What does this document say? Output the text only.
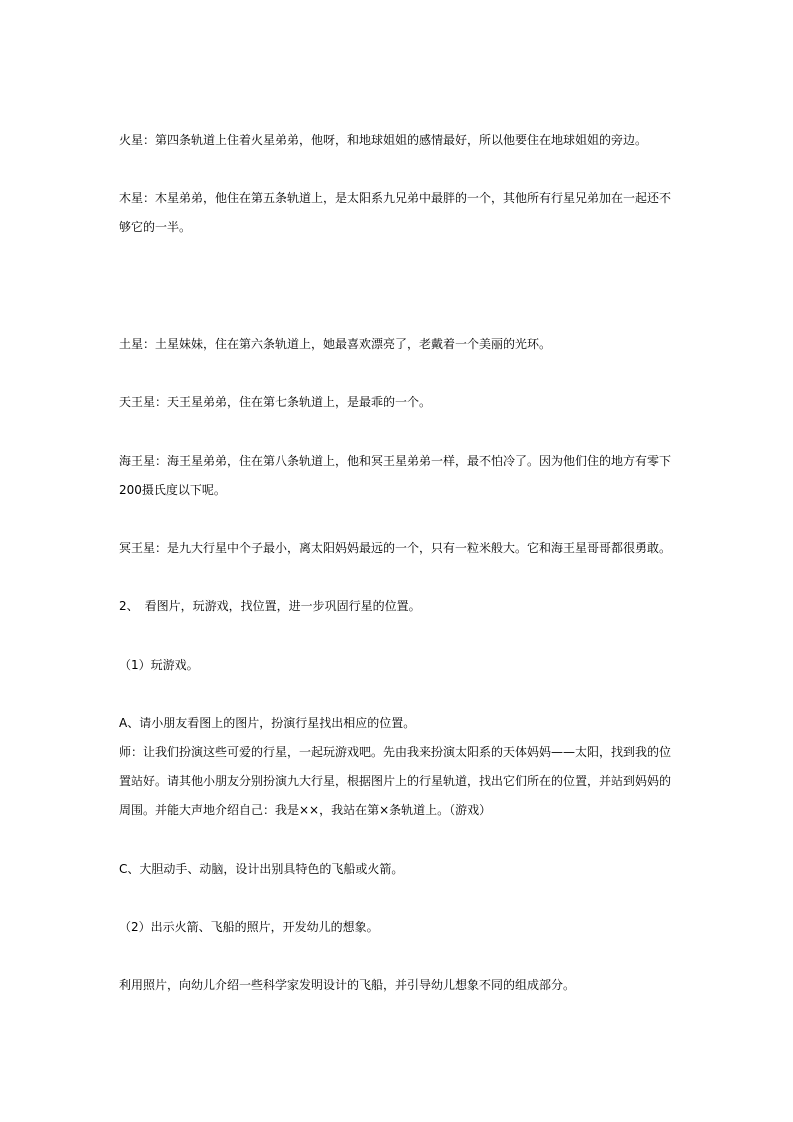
火星：第四条轨道上住着火星弟弟，他呀，和地球姐姐的感情最好，所以他要住在地球姐姐的旁边。

木星：木星弟弟，他住在第五条轨道上，是太阳系九兄弟中最胖的一个，其他所有行星兄弟加在一起还不

够它的一半。

土星：土星妹妹，住在第六条轨道上，她最喜欢漂亮了，老戴着一个美丽的光环。

天王星：天王星弟弟，住在第七条轨道上，是最乖的一个。

海王星：海王星弟弟，住在第八条轨道上，他和冥王星弟弟一样，最不怕冷了。因为他们住的地方有零下

200摄氏度以下呢。

冥王星：是九大行星中个子最小，离太阳妈妈最远的一个，只有一粒米般大。它和海王星哥哥都很勇敢。

2、　看图片，玩游戏，找位置，进一步巩固行星的位置。

（1）玩游戏。

A、请小朋友看图上的图片，扮演行星找出相应的位置。

师：让我们扮演这些可爱的行星，一起玩游戏吧。先由我来扮演太阳系的天体妈妈——太阳，找到我的位

置站好。请其他小朋友分别扮演九大行星，根据图片上的行星轨道，找出它们所在的位置，并站到妈妈的

周围。并能大声地介绍自己：我是××，我站在第×条轨道上。（游戏）

C、大胆动手、动脑，设计出别具特色的飞船或火箭。

（2）出示火箭、飞船的照片，开发幼儿的想象。

利用照片，向幼儿介绍一些科学家发明设计的飞船，并引导幼儿想象不同的组成部分。
